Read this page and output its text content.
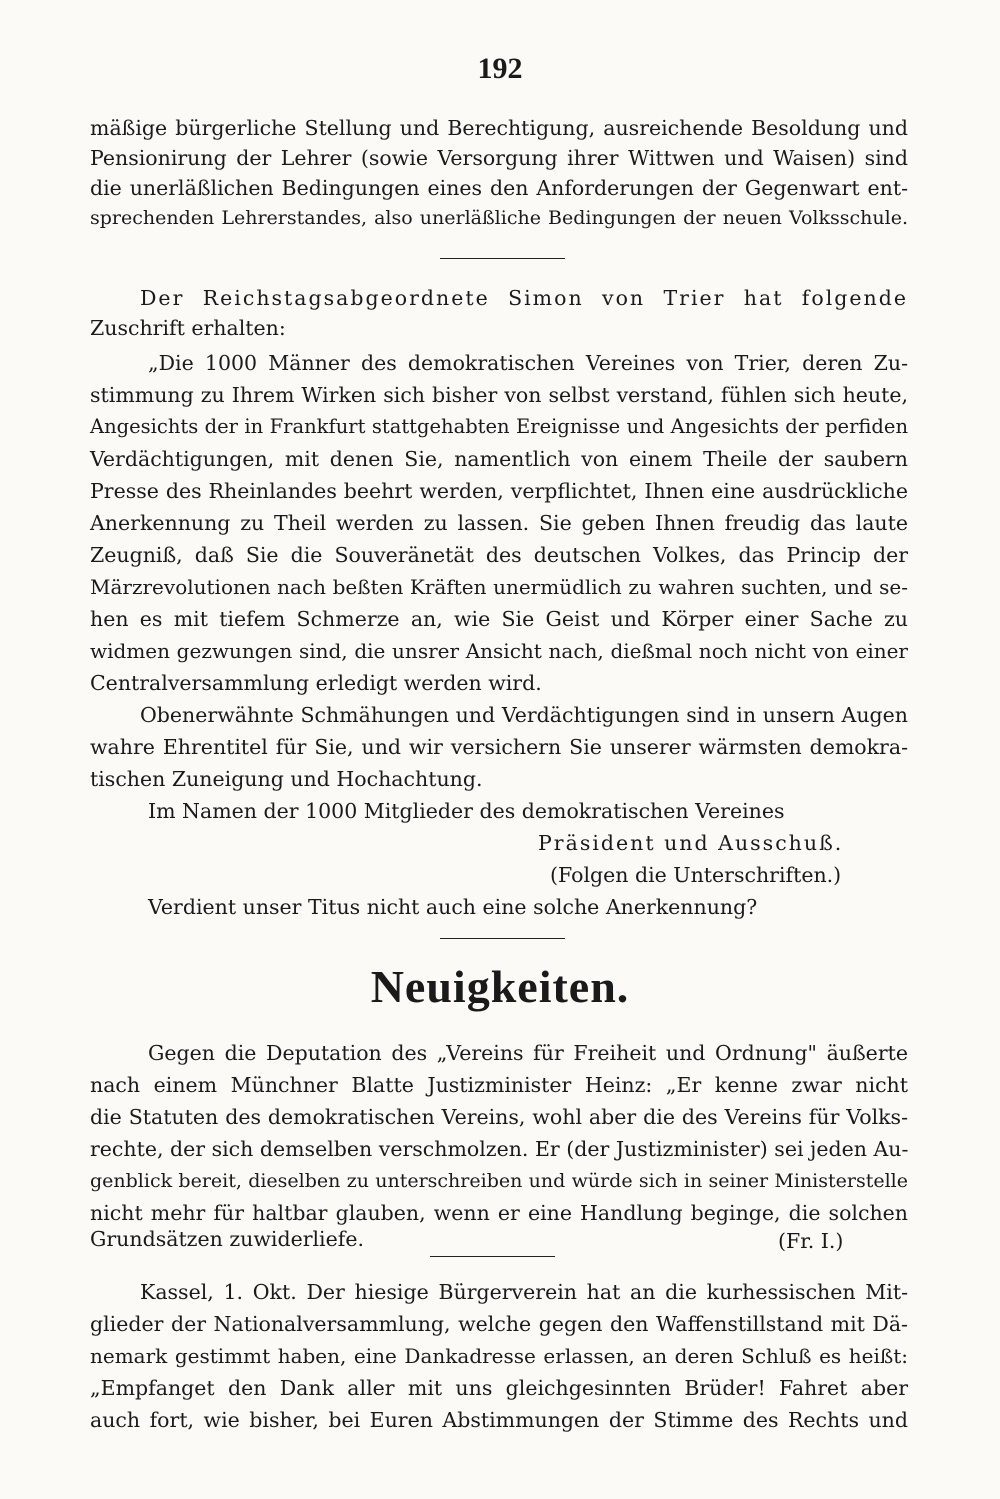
192
mäßige bürgerliche Stellung und Berechtigung, ausreichende Besoldung und
Pensionirung der Lehrer (sowie Versorgung ihrer Wittwen und Waisen) sind
die unerläßlichen Bedingungen eines den Anforderungen der Gegenwart ent-
sprechenden Lehrerstandes, also unerläßliche Bedingungen der neuen Volksschule.
Der Reichstagsabgeordnete Simon von Trier hat folgende
Zuschrift erhalten:
„Die 1000 Männer des demokratischen Vereines von Trier, deren Zu-
stimmung zu Ihrem Wirken sich bisher von selbst verstand, fühlen sich heute,
Angesichts der in Frankfurt stattgehabten Ereignisse und Angesichts der perfiden
Verdächtigungen, mit denen Sie, namentlich von einem Theile der saubern
Presse des Rheinlandes beehrt werden, verpflichtet, Ihnen eine ausdrückliche
Anerkennung zu Theil werden zu lassen. Sie geben Ihnen freudig das laute
Zeugniß, daß Sie die Souveränetät des deutschen Volkes, das Princip der
Märzrevolutionen nach beßten Kräften unermüdlich zu wahren suchten, und se-
hen es mit tiefem Schmerze an, wie Sie Geist und Körper einer Sache zu
widmen gezwungen sind, die unsrer Ansicht nach, dießmal noch nicht von einer
Centralversammlung erledigt werden wird.
Obenerwähnte Schmähungen und Verdächtigungen sind in unsern Augen
wahre Ehrentitel für Sie, und wir versichern Sie unserer wärmsten demokra-
tischen Zuneigung und Hochachtung.
Im Namen der 1000 Mitglieder des demokratischen Vereines
Präsident und Ausschuß.
(Folgen die Unterschriften.)
Verdient unser Titus nicht auch eine solche Anerkennung?
Neuigkeiten.
Gegen die Deputation des „Vereins für Freiheit und Ordnung" äußerte
nach einem Münchner Blatte Justizminister Heinz: „Er kenne zwar nicht
die Statuten des demokratischen Vereins, wohl aber die des Vereins für Volks-
rechte, der sich demselben verschmolzen. Er (der Justizminister) sei jeden Au-
genblick bereit, dieselben zu unterschreiben und würde sich in seiner Ministerstelle
nicht mehr für haltbar glauben, wenn er eine Handlung beginge, die solchen
Grundsätzen zuwiderliefe.	(Fr. I.)
Kassel, 1. Okt. Der hiesige Bürgerverein hat an die kurhessischen Mit-
glieder der Nationalversammlung, welche gegen den Waffenstillstand mit Dä-
nemark gestimmt haben, eine Dankadresse erlassen, an deren Schluß es heißt:
„Empfanget den Dank aller mit uns gleichgesinnten Brüder! Fahret aber
auch fort, wie bisher, bei Euren Abstimmungen der Stimme des Rechts und
